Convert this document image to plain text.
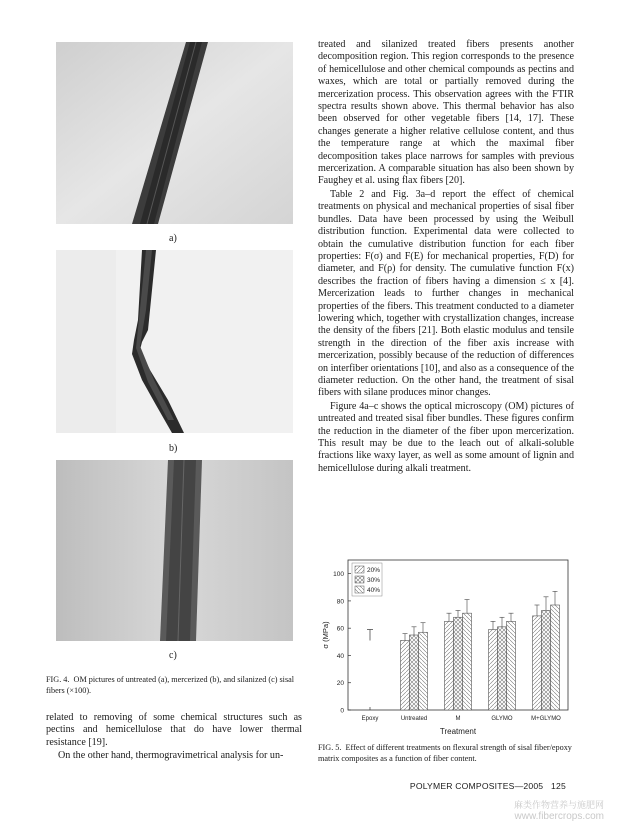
a)
b)
c)
FIG. 4. OM pictures of untreated (a), mercerized (b), and silanized (c) sisal fibers (×100).

related to removing of some chemical structures such as pectins and hemicellulose that do have lower thermal resistance [19].

On the other hand, thermogravimetrical analysis for un-

treated and silanized treated fibers presents another decomposition region. This region corresponds to the presence of hemicellulose and other chemical compounds as pectins and waxes, which are total or partially removed during the mercerization process. This observation agrees with the FTIR spectra results shown above. This thermal behavior has also been observed for other vegetable fibers [14, 17]. These changes generate a higher relative cellulose content, and thus the temperature range at which the maximal fiber decomposition takes place narrows for samples with previous mercerization. A comparable situation has also been shown by Faughey et al. using flax fibers [20].

Table 2 and Fig. 3a–d report the effect of chemical treatments on physical and mechanical properties of sisal fiber bundles. Data have been processed by using the Weibull distribution function. Experimental data were collected to obtain the cumulative distribution function for each fiber properties: F(σ) and F(E) for mechanical properties, F(D) for diameter, and F(ρ) for density. The cumulative function F(x) describes the fraction of fibers having a dimension ≤ x [4]. Mercerization leads to further changes in mechanical properties of the fibers. This treatment conducted to a diameter lowering which, together with crystallization changes, increase the density of the fibers [21]. Both elastic modulus and tensile strength in the direction of the fiber axis increase with mercerization, possibly because of the reduction of differences on interfiber orientations [10], and also as a consequence of the diameter reduction. On the other hand, the treatment of sisal fibers with silane produces minor changes.

Figure 4a–c shows the optical microscopy (OM) pictures of untreated and treated sisal fiber bundles. These figures confirm the reduction in the diameter of the fiber upon mercerization. This result may be due to the leach out of alkali-soluble fractions like waxy layer, as well as some amount of lignin and hemicellulose during alkali treatment.

0
20
40
60
80
100
σ (MPa)
Treatment
Epoxy	Untreated	M	GLYMO	M+GLYMO
20%
30%
40%
FIG. 5. Effect of different treatments on flexural strength of sisal fiber/epoxy matrix composites as a function of fiber content.
POLYMER COMPOSITES—2005 125
麻类作物营养与施肥网
www.fibercrops.com
